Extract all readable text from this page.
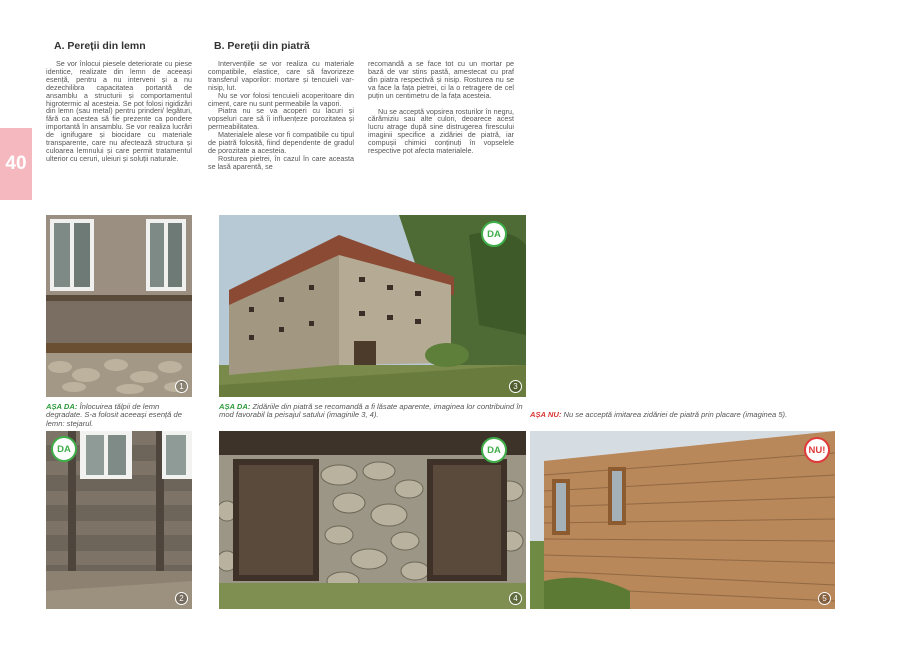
40
A. Pereții din lemn	B. Pereții din piatră

Se vor înlocui piesele deteriorate cu piese identice, realizate din lemn de aceeași esență, pentru a nu interveni și a nu dezechilibra capacitatea portantă de ansamblu a structurii și comportamentul higrotermic al acesteia. Se pot folosi rigidizări din lemn (sau metal) pentru prinderi/ legături, fără ca acestea să fie prezente ca pondere importantă în ansamblu. Se vor realiza lucrări de ignifugare și biocidare cu materiale transparente, care nu afectează structura și culoarea lemnului și care permit tratamentul ulterior cu ceruri, uleiuri și soluții naturale.

Intervențiile se vor realiza cu materiale compatibile, elastice, care să favorizeze transferul vaporilor: mortare și tencuieli var-nisip, lut.

Nu se vor folosi tencuieli acoperitoare din ciment, care nu sunt permeabile la vapori.

Piatra nu se va acoperi cu lacuri și vopseluri care să îi influențeze porozitatea și permeabilitatea.

Materialele alese vor fi compatibile cu tipul de piatră folosită, fiind dependente de gradul de porozitate a acesteia.

Rosturea pietrei, în cazul în care aceasta se lasă aparentă, se

recomandă a se face tot cu un mortar pe bază de var stins pastă, amestecat cu praf din piatra respectivă și nisip. Rosturea nu se va face la fața pietrei, ci la o retragere de cel puțin un centimetru de la fața acesteia.

Nu se acceptă vopsirea rosturilor în negru, cărămiziu sau alte culori, deoarece acest lucru atrage după sine distrugerea firescului imaginii specifice a zidăriei de piatră, iar compușii chimici conținuți în vopselele respective pot afecta materialele.

1
DA
2
DA
3
DA
4
NU!
5
AȘA DA: Înlocuirea tălpii de lemn degradate. S-a folosit aceeași esență de lemn: stejarul.
AȘA DA: Zidăriile din piatră se recomandă a fi lăsate aparente, imaginea lor contribuind în mod favorabil la peisajul satului (imaginile 3, 4).	AȘA NU: Nu se acceptă imitarea zidăriei de piatră prin placare (imaginea 5).
